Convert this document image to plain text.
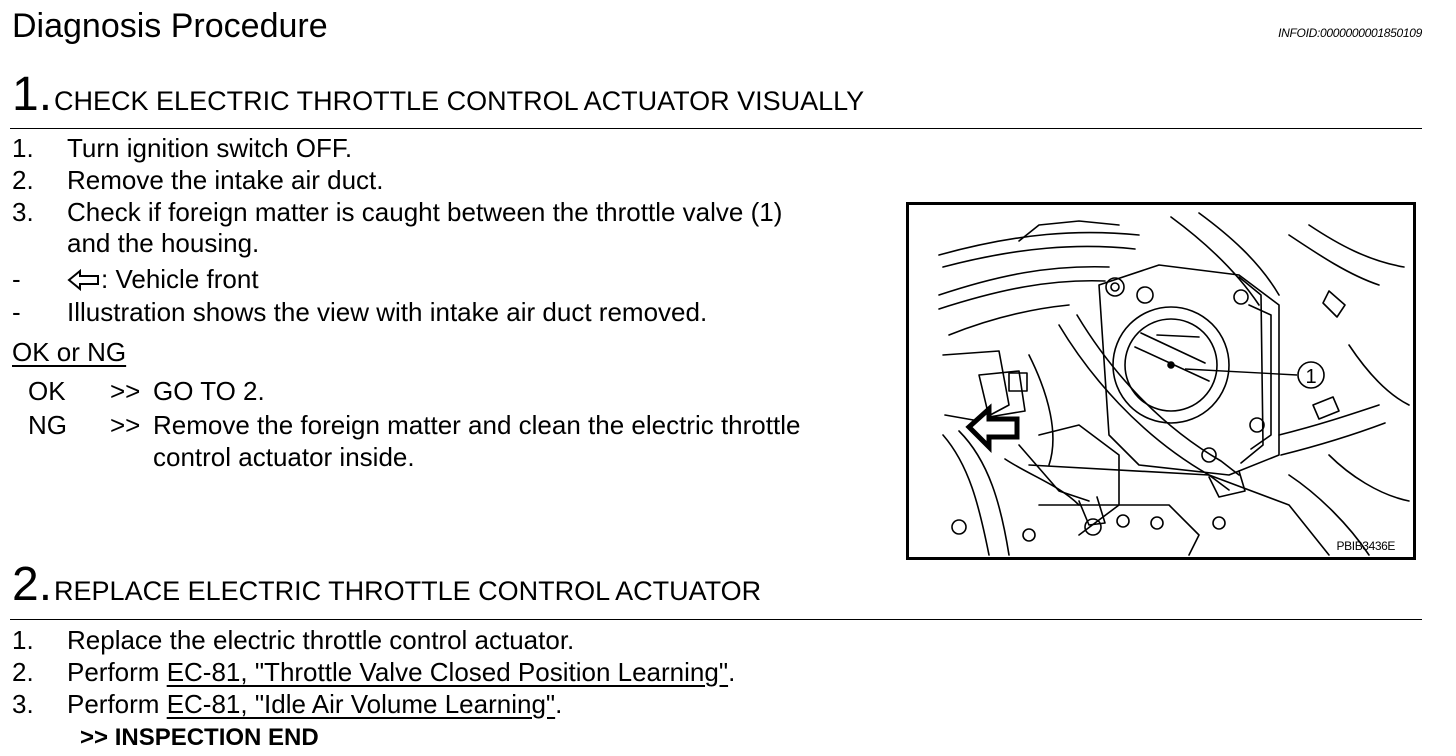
Diagnosis Procedure	INFOID:0000000001850109
1. CHECK ELECTRIC THROTTLE CONTROL ACTUATOR VISUALLY
1.	Turn ignition switch OFF.
2.	Remove the intake air duct.
3.	Check if foreign matter is caught between the throttle valve (1)
and the housing.
-	: Vehicle front
-	Illustration shows the view with intake air duct removed.
OK or NG
OK	>> GO TO 2.
NG	>> Remove the foreign matter and clean the electric throttle
control actuator inside.
1
PBIB3436E
2. REPLACE ELECTRIC THROTTLE CONTROL ACTUATOR
1.	Replace the electric throttle control actuator.
2.	Perform EC-81, "Throttle Valve Closed Position Learning".
3.	Perform EC-81, "Idle Air Volume Learning".
>> INSPECTION END
